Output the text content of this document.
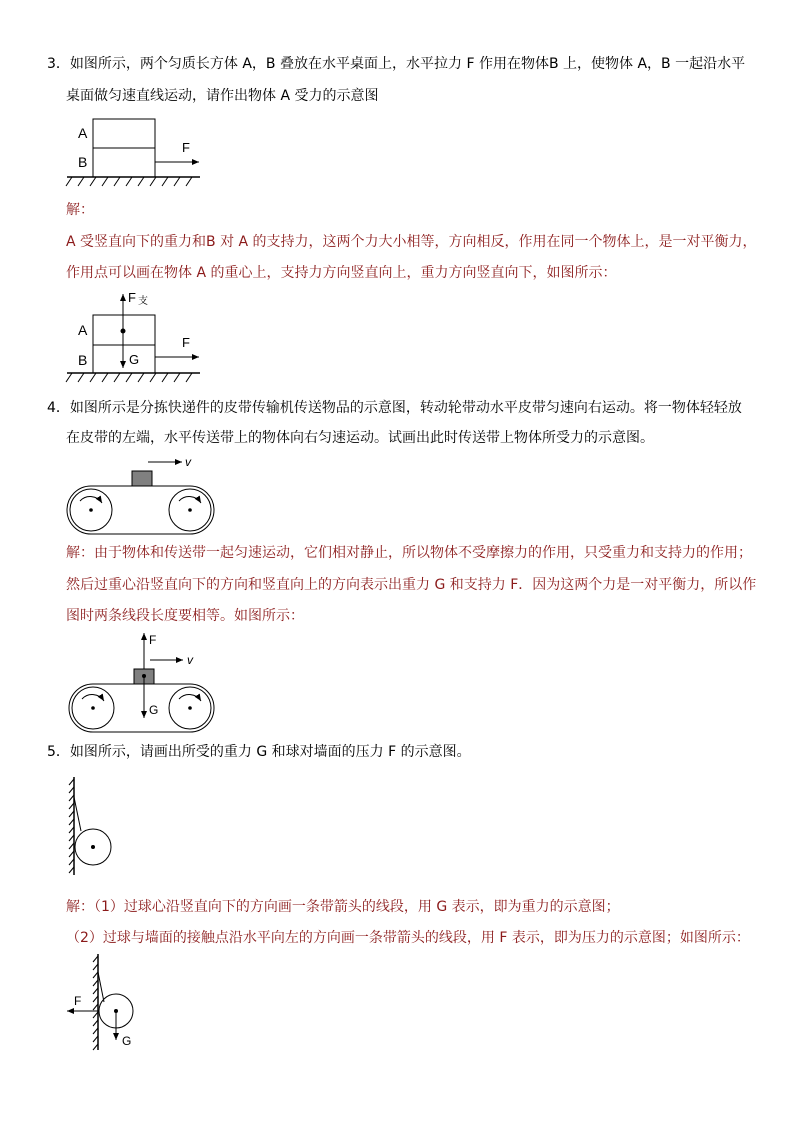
3．如图所示，两个匀质长方体 A，B 叠放在水平桌面上，水平拉力 F 作用在物体B 上，使物体 A，B 一起沿水平
桌面做匀速直线运动，请作出物体 A 受力的示意图
A
B
F
解：
A 受竖直向下的重力和B 对 A 的支持力，这两个力大小相等，方向相反，作用在同一个物体上，是一对平衡力，
作用点可以画在物体 A 的重心上，支持力方向竖直向上，重力方向竖直向下，如图所示：
A
B
F 支
G
F
4．如图所示是分拣快递件的皮带传输机传送物品的示意图，转动轮带动水平皮带匀速向右运动。将一物体轻轻放
在皮带的左端，水平传送带上的物体向右匀速运动。试画出此时传送带上物体所受力的示意图。
v
解：由于物体和传送带一起匀速运动，它们相对静止，所以物体不受摩擦力的作用，只受重力和支持力的作用；
然后过重心沿竖直向下的方向和竖直向上的方向表示出重力 G 和支持力 F．因为这两个力是一对平衡力，所以作
图时两条线段长度要相等。如图所示：
F
v
G
5．如图所示，请画出所受的重力 G 和球对墙面的压力 F 的示意图。
解：（1）过球心沿竖直向下的方向画一条带箭头的线段，用 G 表示，即为重力的示意图；
（2）过球与墙面的接触点沿水平向左的方向画一条带箭头的线段，用 F 表示，即为压力的示意图；如图所示：
F
G
